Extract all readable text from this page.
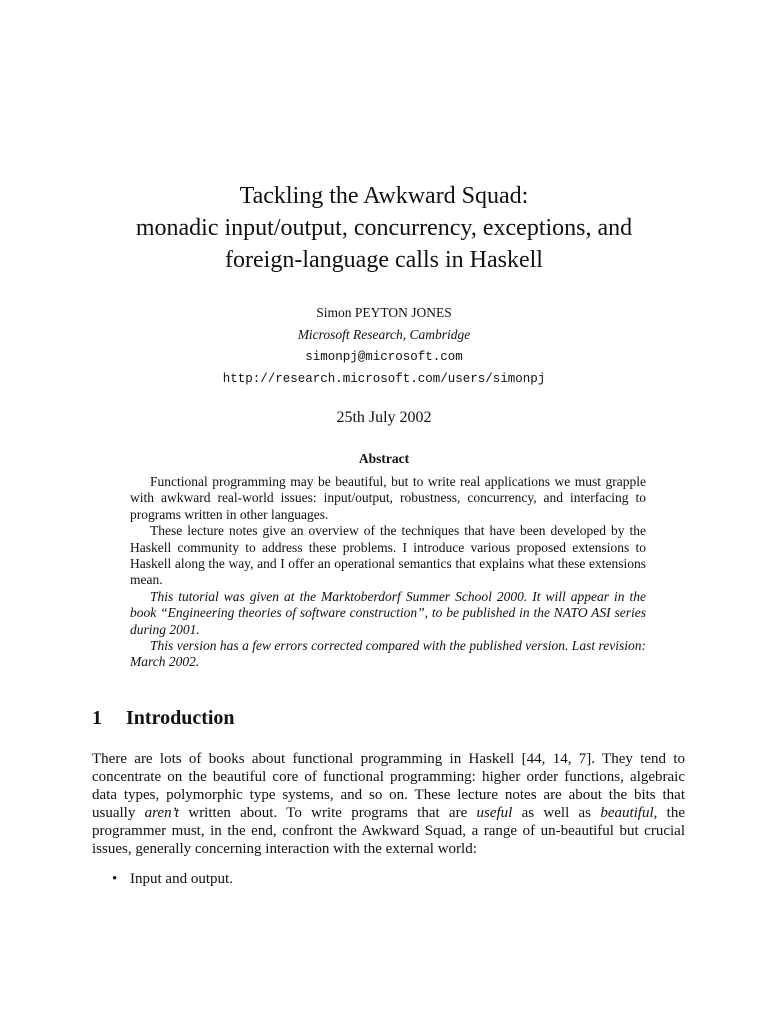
Tackling the Awkward Squad:
monadic input/output, concurrency, exceptions, and
foreign-language calls in Haskell
Simon PEYTON JONES
Microsoft Research, Cambridge
simonpj@microsoft.com
http://research.microsoft.com/users/simonpj
25th July 2002
Abstract

Functional programming may be beautiful, but to write real applications we must grapple with awkward real-world issues: input/output, robustness, concurrency, and interfacing to programs written in other languages.

These lecture notes give an overview of the techniques that have been developed by the Haskell community to address these problems. I introduce various proposed extensions to Haskell along the way, and I offer an operational semantics that explains what these extensions mean.

This tutorial was given at the Marktoberdorf Summer School 2000. It will appear in the book “Engineering theories of software construction”, to be published in the NATO ASI series during 2001.

This version has a few errors corrected compared with the published version. Last revision: March 2002.

1 Introduction

There are lots of books about functional programming in Haskell [44, 14, 7]. They tend to concentrate on the beautiful core of functional programming: higher order functions, algebraic data types, polymorphic type systems, and so on. These lecture notes are about the bits that usually aren’t written about. To write programs that are useful as well as beautiful, the programmer must, in the end, confront the Awkward Squad, a range of un-beautiful but crucial issues, generally concerning interaction with the external world:

• Input and output.
